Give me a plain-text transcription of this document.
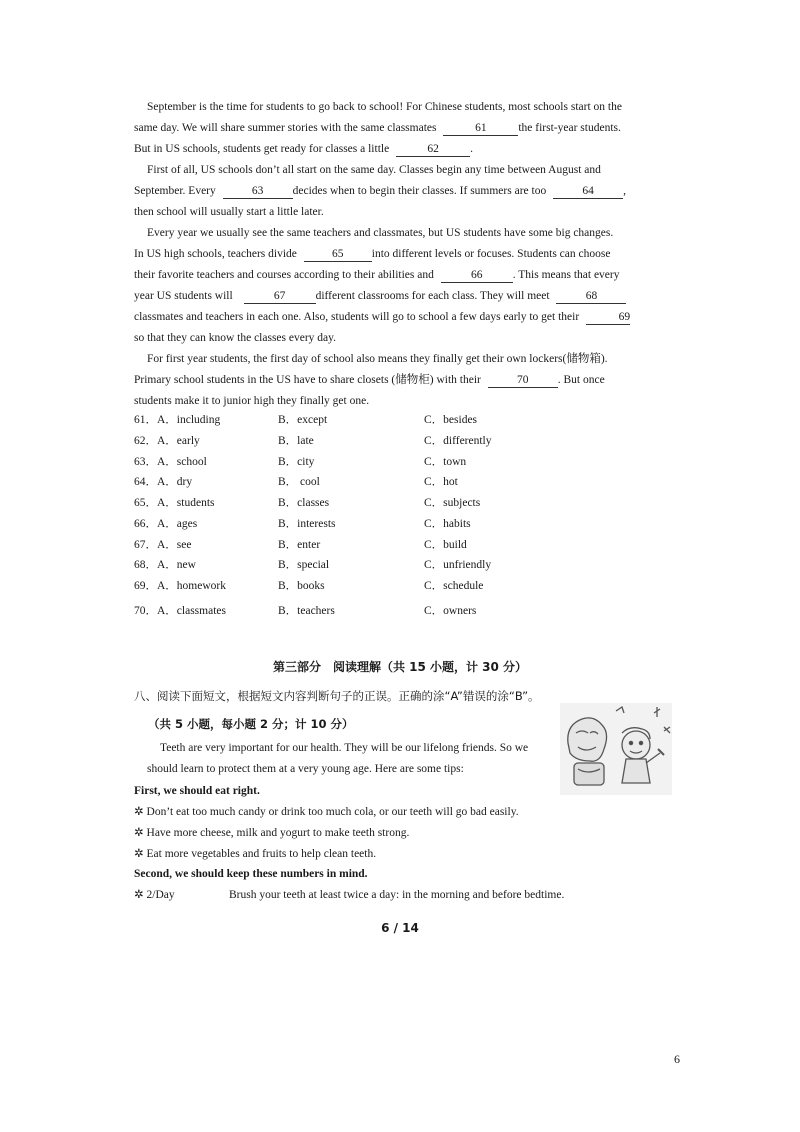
September is the time for students to go back to school! For Chinese students, most schools start on the
same day. We will share summer stories with the same classmates	61	the first-year students.
But in US schools, students get ready for classes a little	62	.
First of all, US schools don’t all start on the same day. Classes begin any time between August and
September. Every	63	decides when to begin their classes. If summers are too	64	,
then school will usually start a little later.
Every year we usually see the same teachers and classmates, but US students have some big changes.
In US high schools, teachers divide	65 into different levels or focuses. Students can choose
their favorite teachers and courses according to their abilities and	66	. This means that every
year US students will	67	different classrooms for each class. They will meet	68
classmates and teachers in each one. Also, students will go to school a few days early to get their	69
so that they can know the classes every day.
For first year students, the first day of school also means they finally get their own lockers(储物箱).
Primary school students in the US have to share closets (储物柜) with their	70	. But once
students make it to junior high they finally get one.
61．A．including	B．except	C．besides
62．A．early	B．late	C．differently
63．A．school	B．city	C．town
64．A．dry	B． cool	C．hot
65．A．students	B．classes	C．subjects
66．A．ages	B．interests	C．habits
67．A．see	B．enter	C．build
68．A．new	B．special	C．unfriendly
69．A．homework	B．books	C．schedule
70．A．classmates	B．teachers	C．owners
第三部分　阅读理解（共 15 小题，计 30 分）
八、阅读下面短文，根据短文内容判断句子的正误。正确的涂“A”错误的涂“B”。
（共 5 小题，每小题 2 分；计 10 分）
Teeth are very important for our health. They will be our lifelong friends. So we
should learn to protect them at a very young age. Here are some tips:
First, we should eat right.
✲ Don’t eat too much candy or drink too much cola, or our teeth will go bad easily.
✲ Have more cheese, milk and yogurt to make teeth strong.
✲ Eat more vegetables and fruits to help clean teeth.
Second, we should keep these numbers in mind.
✲ 2/Day	Brush your teeth at least twice a day: in the morning and before bedtime.
6 / 14
6
